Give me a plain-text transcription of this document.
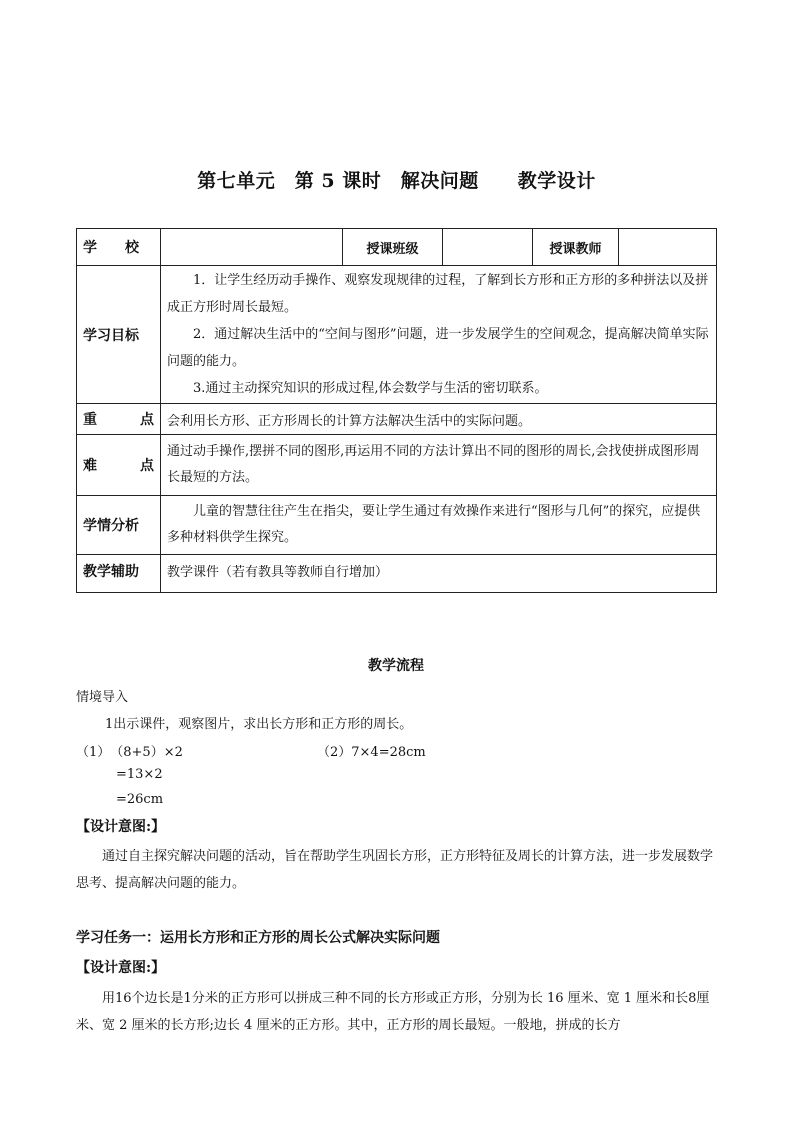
第七单元　第 5 课时　解决问题　　教学设计
学　　校		授课班级		授课教师	
学习目标	1．让学生经历动手操作、观察发现规律的过程，了解到长方形和正方形的多种拼法以及拼成正方形时周长最短。

2．通过解决生活中的“空间与图形”问题，进一步发展学生的空间观念，提高解决简单实际问题的能力。

3.通过主动探究知识的形成过程,体会数学与生活的密切联系。				

重 点	会利用长方形、正方形周长的计算方法解决生活中的实际问题。				
难 点	通过动手操作,摆拼不同的图形,再运用不同的方法计算出不同的图形的周长,会找使拼成图形周长最短的方法。				

学情分析	儿童的智慧往往产生在指尖，要让学生通过有效操作来进行“图形与几何”的探究，应提供多种材料供学生探究。				

教学辅助	教学课件（若有教具等教师自行增加）				
教学流程
情境导入
1出示课件，观察图片，求出长方形和正方形的周长。
（1）　（8+5）×2	（2）7×4=28cm
=13×2
=26cm
【设计意图:】

通过自主探究解决问题的活动，旨在帮助学生巩固长方形，正方形特征及周长的计算方法，进一步发展数学思考、提高解决问题的能力。

学习任务一：运用长方形和正方形的周长公式解决实际问题
【设计意图:】

用16个边长是1分米的正方形可以拼成三种不同的长方形或正方形，分别为长 16 厘米、宽 1 厘米和长8厘米、宽 2 厘米的长方形;边长 4 厘米的正方形。其中，正方形的周长最短。一般地，拼成的长方
